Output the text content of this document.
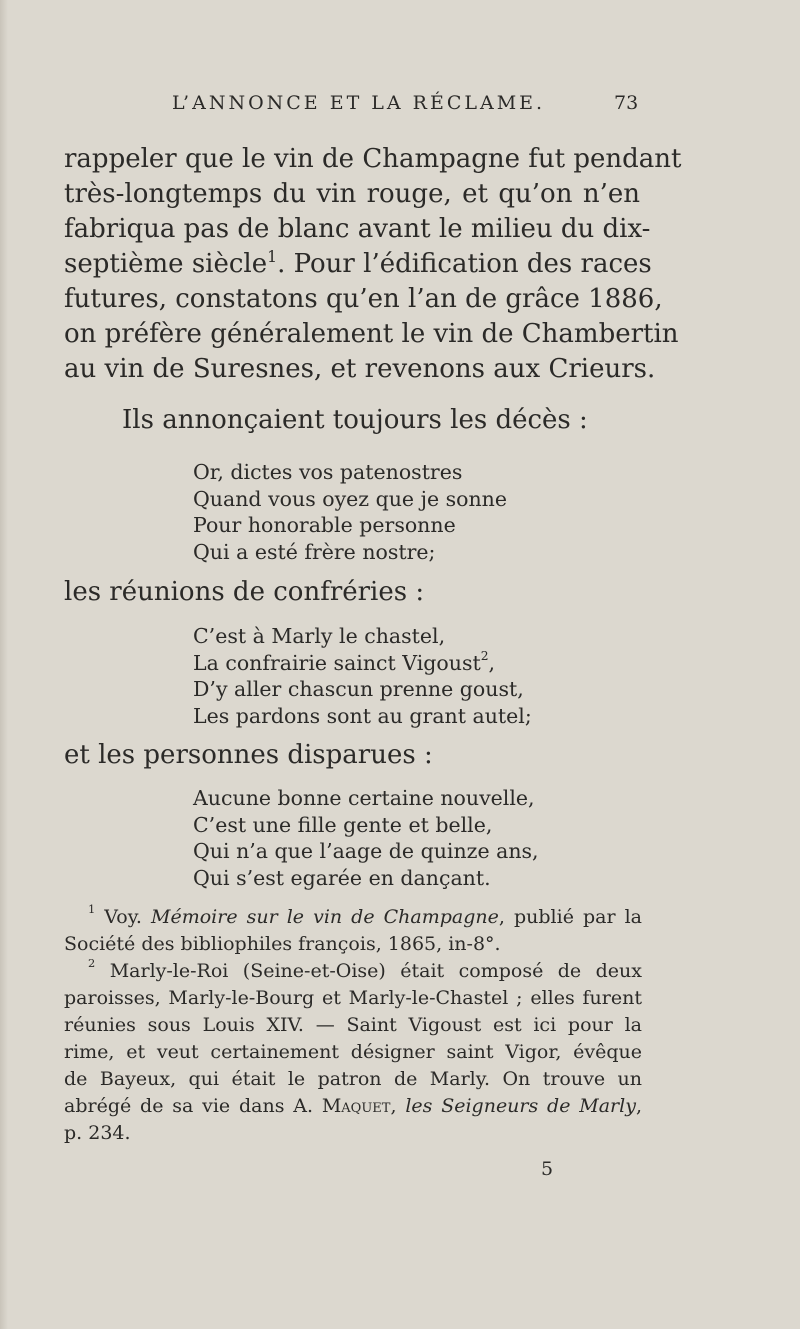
L’ANNONCE ET LA RÉCLAME.	73
rappeler que le vin de Champagne fut pendant
très-longtemps du vin rouge, et qu’on n’en
fabriqua pas de blanc avant le milieu du dix-
septième siècle$^1$. Pour l’édification des races
futures, constatons qu’en l’an de grâce 1886,
on préfère généralement le vin de Chambertin
au vin de Suresnes, et revenons aux Crieurs.
Ils annonçaient toujours les décès :
Or, dictes vos patenostres
Quand vous oyez que je sonne
Pour honorable personne
Qui a esté frère nostre;
les réunions de confréries :
C’est à Marly le chastel,
La confrairie sainct Vigoust$^2$,
D’y aller chascun prenne goust,
Les pardons sont au grant autel;
et les personnes disparues :
Aucune bonne certaine nouvelle,
C’est une fille gente et belle,
Qui n’a que l’aage de quinze ans,
Qui s’est egarée en dançant.
$^1$ Voy. Mémoire sur le vin de Champagne, publié par la
Société des bibliophiles françois, 1865, in-8°.
$^2$ Marly-le-Roi (Seine-et-Oise) était composé de deux
paroisses, Marly-le-Bourg et Marly-le-Chastel ; elles furent
réunies sous Louis XIV. — Saint Vigoust est ici pour la
rime, et veut certainement désigner saint Vigor, évêque
de Bayeux, qui était le patron de Marly. On trouve un
abrégé de sa vie dans A. Maquet, les Seigneurs de Marly,
p. 234.
5
